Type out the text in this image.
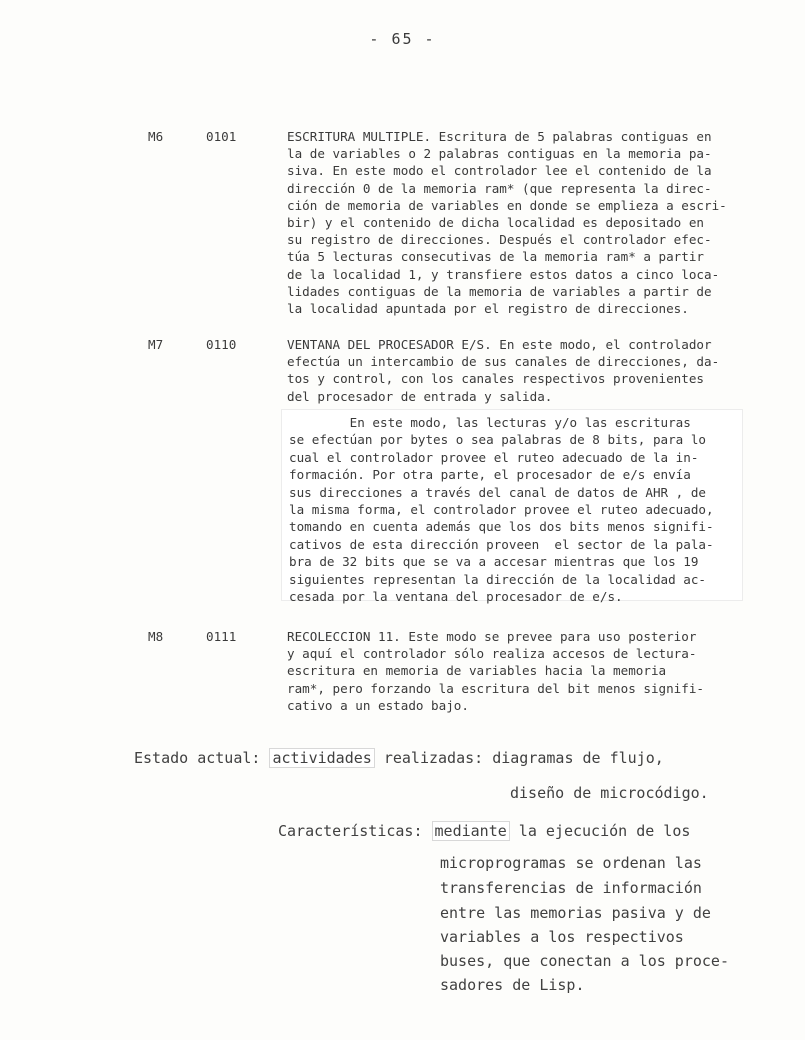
- 65 -
M6	0101	ESCRITURA MULTIPLE. Escritura de 5 palabras contiguas en
la de variables o 2 palabras contiguas en la memoria pa-
siva. En este modo el controlador lee el contenido de la
dirección 0 de la memoria ram* (que representa la direc-
ción de memoria de variables en donde se emplieza a escri-
bir) y el contenido de dicha localidad es depositado en
su registro de direcciones. Después el controlador efec-
túa 5 lecturas consecutivas de la memoria ram* a partir
de la localidad 1, y transfiere estos datos a cinco loca-
lidades contiguas de la memoria de variables a partir de
la localidad apuntada por el registro de direcciones.
M7	0110	VENTANA DEL PROCESADOR E/S. En este modo, el controlador
efectúa un intercambio de sus canales de direcciones, da-
tos y control, con los canales respectivos provenientes
del procesador de entrada y salida.
En este modo, las lecturas y/o las escrituras
se efectúan por bytes o sea palabras de 8 bits, para lo
cual el controlador provee el ruteo adecuado de la in-
formación. Por otra parte, el procesador de e/s envía
sus direcciones a través del canal de datos de AHR , de
la misma forma, el controlador provee el ruteo adecuado,
tomando en cuenta además que los dos bits menos signifi-
cativos de esta dirección proveen  el sector de la pala-
bra de 32 bits que se va a accesar mientras que los 19
siguientes representan la dirección de la localidad ac-
cesada por la ventana del procesador de e/s.
M8	0111	RECOLECCION 11. Este modo se prevee para uso posterior
y aquí el controlador sólo realiza accesos de lectura-
escritura en memoria de variables hacia la memoria
ram*, pero forzando la escritura del bit menos signifi-
cativo a un estado bajo.
Estado actual: actividades realizadas: diagramas de flujo,
diseño de microcódigo.
Características: mediante la ejecución de los
microprogramas se ordenan las
transferencias de información
entre las memorias pasiva y de
variables a los respectivos
buses, que conectan a los proce-
sadores de Lisp.
